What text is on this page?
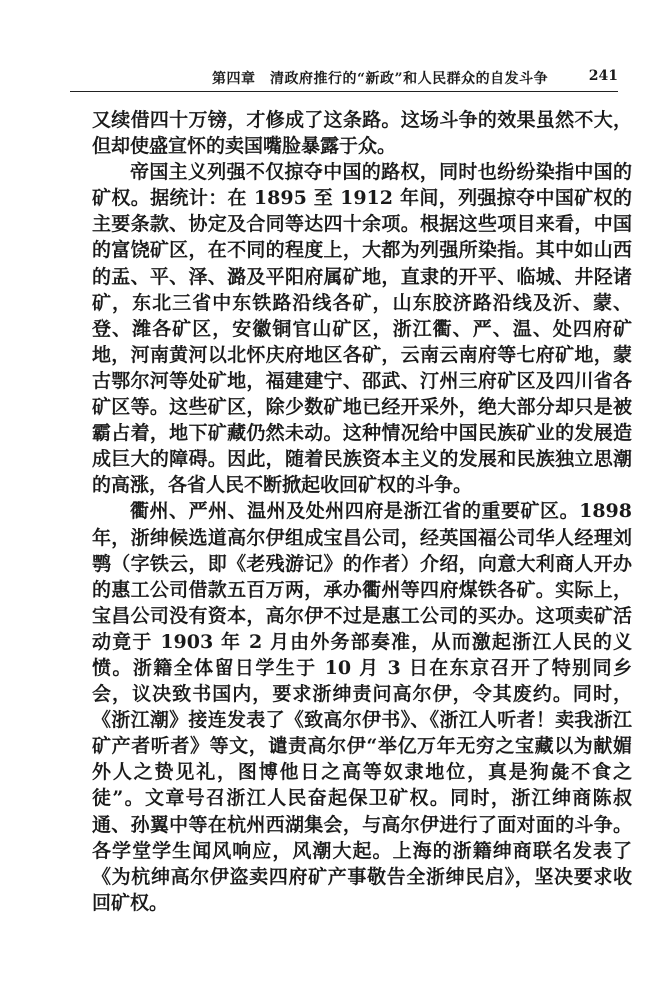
第四章　清政府推行的“新政”和人民群众的自发斗争	241

又续借四十万镑，才修成了这条路。这场斗争的效果虽然不大，但却使盛宣怀的卖国嘴脸暴露于众。

帝国主义列强不仅掠夺中国的路权，同时也纷纷染指中国的矿权。据统计：在 1895 至 1912 年间，列强掠夺中国矿权的主要条款、协定及合同等达四十余项。根据这些项目来看，中国的富饶矿区，在不同的程度上，大都为列强所染指。其中如山西的盂、平、泽、潞及平阳府属矿地，直隶的开平、临城、井陉诸矿，东北三省中东铁路沿线各矿，山东胶济路沿线及沂、蒙、登、潍各矿区，安徽铜官山矿区，浙江衢、严、温、处四府矿地，河南黄河以北怀庆府地区各矿，云南云南府等七府矿地，蒙古鄂尔河等处矿地，福建建宁、邵武、汀州三府矿区及四川省各矿区等。这些矿区，除少数矿地已经开采外，绝大部分却只是被霸占着，地下矿藏仍然未动。这种情况给中国民族矿业的发展造成巨大的障碍。因此，随着民族资本主义的发展和民族独立思潮的高涨，各省人民不断掀起收回矿权的斗争。

衢州、严州、温州及处州四府是浙江省的重要矿区。1898 年，浙绅候选道高尔伊组成宝昌公司，经英国福公司华人经理刘鹗（字铁云，即《老残游记》的作者）介绍，向意大利商人开办的惠工公司借款五百万两，承办衢州等四府煤铁各矿。实际上，宝昌公司没有资本，高尔伊不过是惠工公司的买办。这项卖矿活动竟于 1903 年 2 月由外务部奏准，从而激起浙江人民的义愤。浙籍全体留日学生于 10 月 3 日在东京召开了特别同乡会，议决致书国内，要求浙绅责问高尔伊，令其废约。同时，《浙江潮》接连发表了《致高尔伊书》、《浙江人听者！卖我浙江矿产者听者》等文，谴责高尔伊“举亿万年无穷之宝藏以为献媚外人之贽见礼，图博他日之高等奴隶地位，真是狗彘不食之徒”。文章号召浙江人民奋起保卫矿权。同时，浙江绅商陈叔通、孙翼中等在杭州西湖集会，与高尔伊进行了面对面的斗争。各学堂学生闻风响应，风潮大起。上海的浙籍绅商联名发表了《为杭绅高尔伊盗卖四府矿产事敬告全浙绅民启》，坚决要求收回矿权。
